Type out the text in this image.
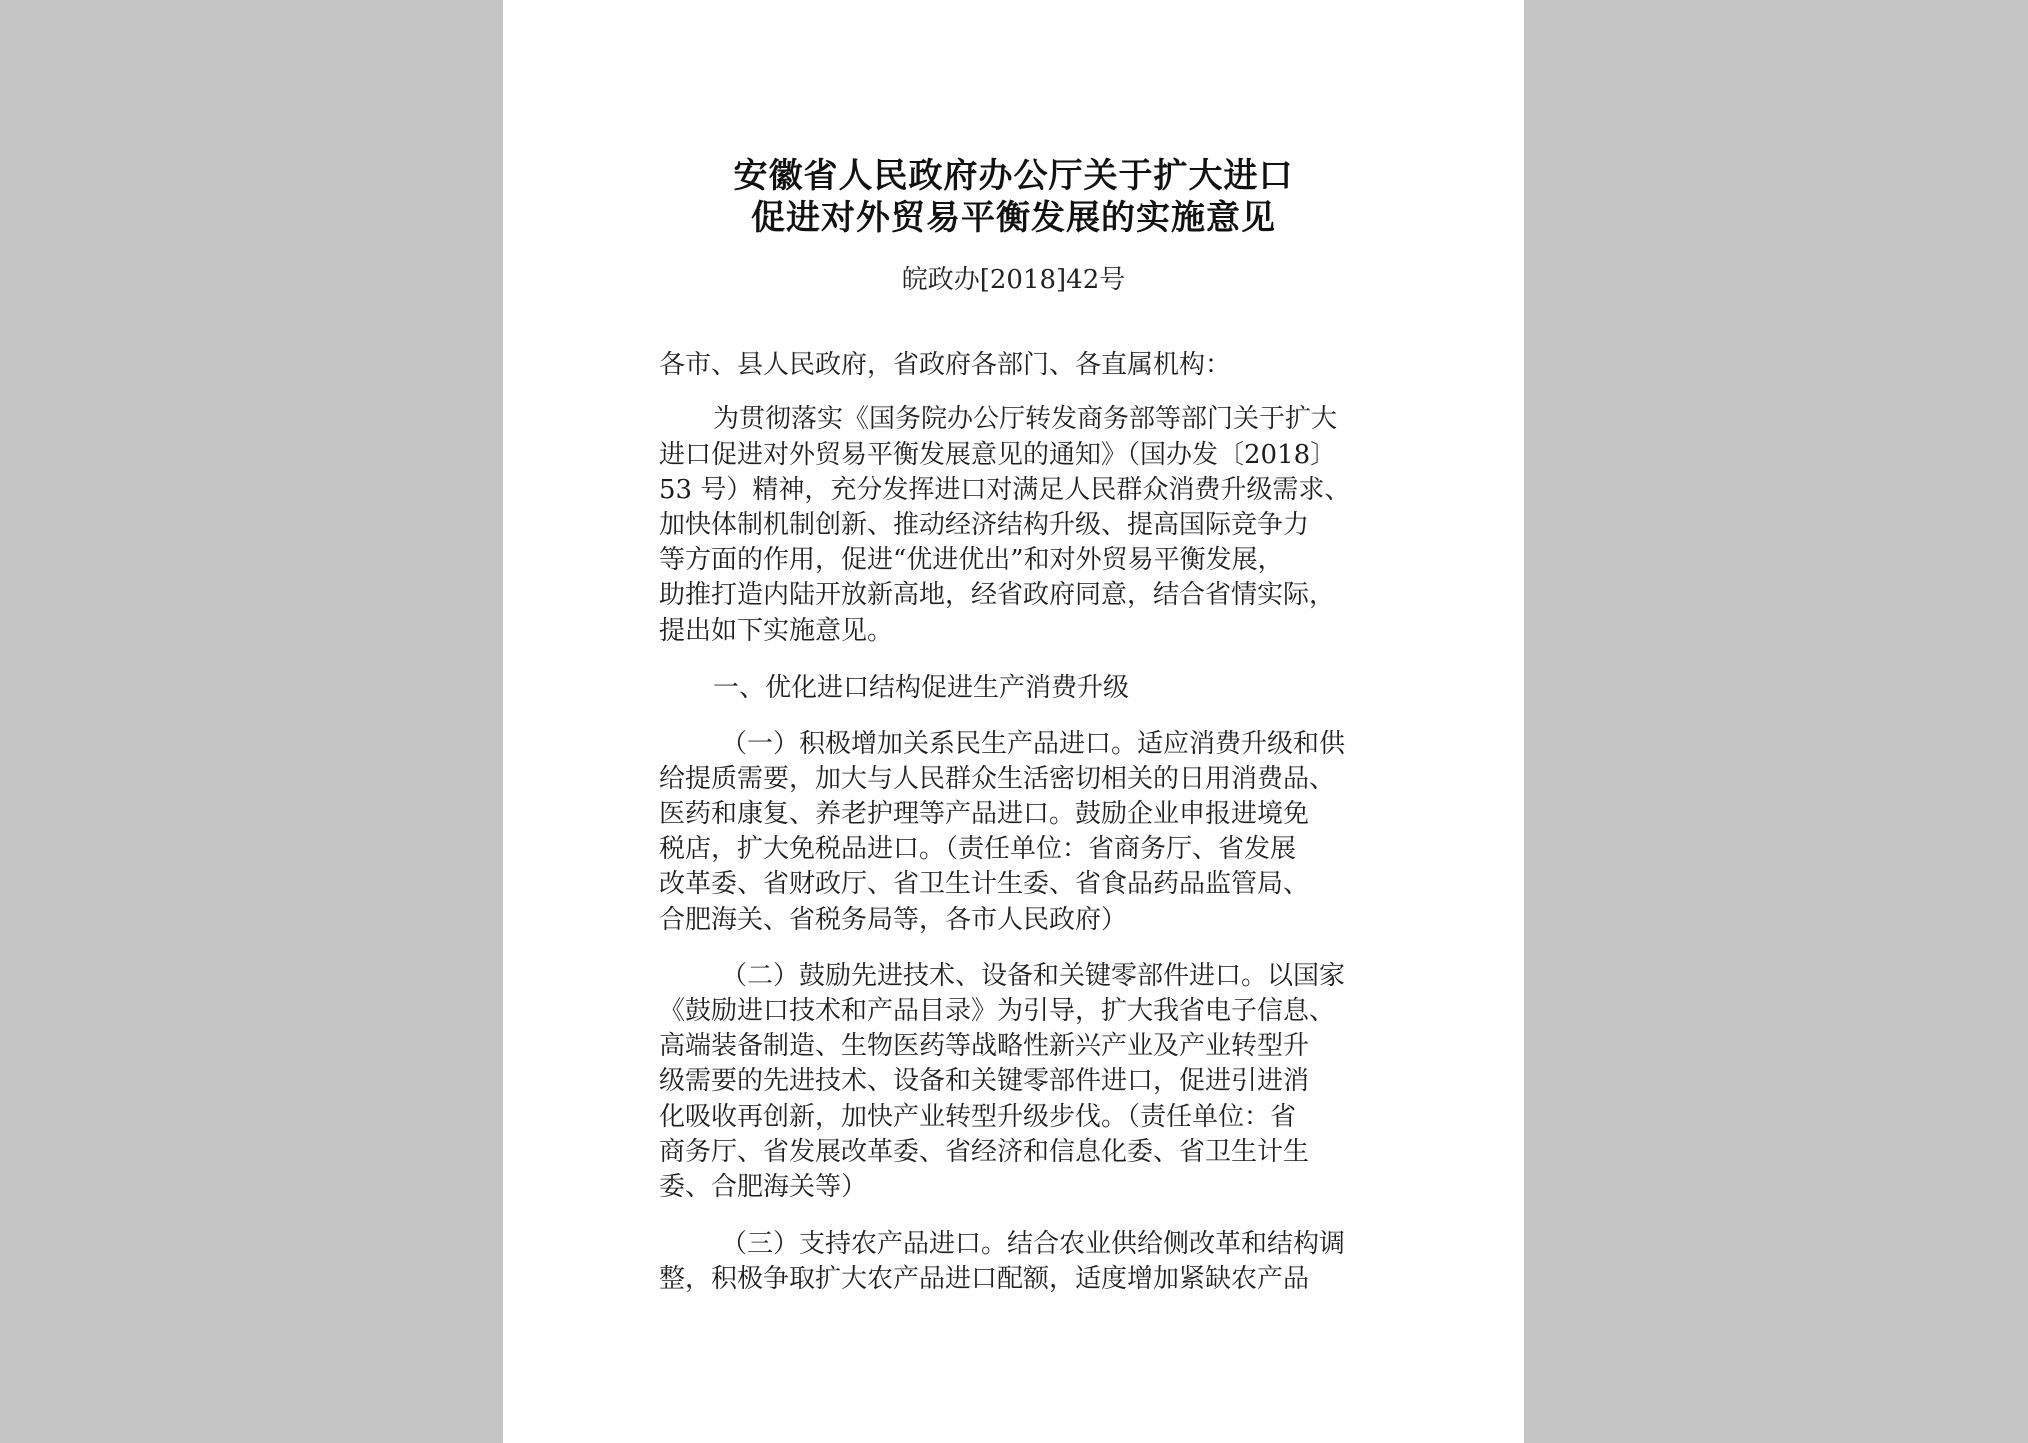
安徽省人民政府办公厅关于扩大进口
促进对外贸易平衡发展的实施意见
皖政办[2018]42号
各市、县人民政府，省政府各部门、各直属机构：
为贯彻落实《国务院办公厅转发商务部等部门关于扩大
进口促进对外贸易平衡发展意见的通知》（国办发〔2018〕
53 号）精神，充分发挥进口对满足人民群众消费升级需求、
加快体制机制创新、推动经济结构升级、提高国际竞争力
等方面的作用，促进“优进优出”和对外贸易平衡发展，
助推打造内陆开放新高地，经省政府同意，结合省情实际，
提出如下实施意见。
一、优化进口结构促进生产消费升级
（一）积极增加关系民生产品进口。适应消费升级和供
给提质需要，加大与人民群众生活密切相关的日用消费品、
医药和康复、养老护理等产品进口。鼓励企业申报进境免
税店，扩大免税品进口。（责任单位：省商务厅、省发展
改革委、省财政厅、省卫生计生委、省食品药品监管局、
合肥海关、省税务局等，各市人民政府）
（二）鼓励先进技术、设备和关键零部件进口。以国家
《鼓励进口技术和产品目录》为引导，扩大我省电子信息、
高端装备制造、生物医药等战略性新兴产业及产业转型升
级需要的先进技术、设备和关键零部件进口，促进引进消
化吸收再创新，加快产业转型升级步伐。（责任单位：省
商务厅、省发展改革委、省经济和信息化委、省卫生计生
委、合肥海关等）
（三）支持农产品进口。结合农业供给侧改革和结构调
整，积极争取扩大农产品进口配额，适度增加紧缺农产品
